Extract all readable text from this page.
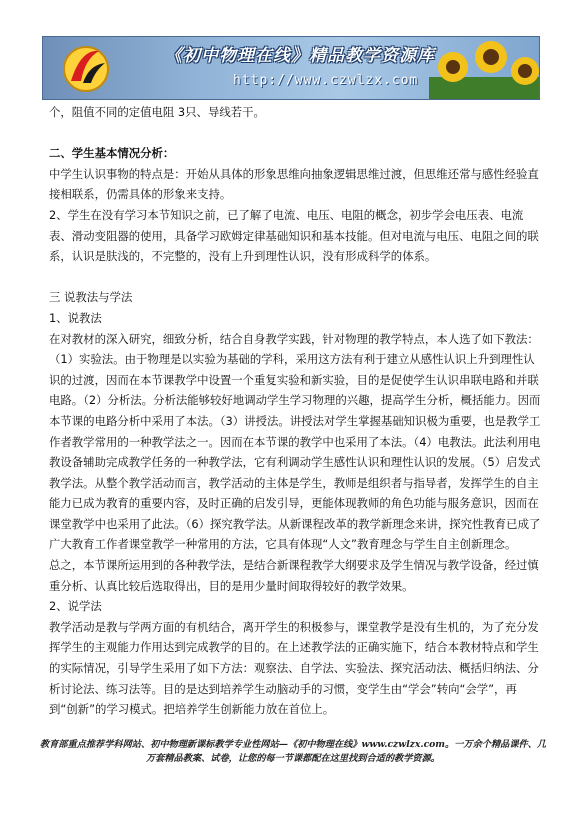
《初中物理在线》精品教学资源库
http://www.czwlzx.com

个，阻值不同的定值电阻 3只、导线若干。

二、学生基本情况分析：

中学生认识事物的特点是：开始从具体的形象思维向抽象逻辑思维过渡，但思维还常与感性经验直接相联系，仍需具体的形象来支持。

2、学生在没有学习本节知识之前，已了解了电流、电压、电阻的概念，初步学会电压表、电流表、滑动变阻器的使用，具备学习欧姆定律基础知识和基本技能。但对电流与电压、电阻之间的联系，认识是肤浅的，不完整的，没有上升到理性认识，没有形成科学的体系。

三 说教法与学法

1、说教法

在对教材的深入研究，细致分析，结合自身教学实践，针对物理的教学特点，本人选了如下教法：（1）实验法。由于物理是以实验为基础的学科，采用这方法有利于建立从感性认识上升到理性认识的过渡，因而在本节课教学中设置一个重复实验和新实验，目的是促使学生认识串联电路和并联电路。（2）分析法。分析法能够较好地调动学生学习物理的兴趣，提高学生分析，概括能力。因而本节课的电路分析中采用了本法。（3）讲授法。讲授法对学生掌握基础知识极为重要，也是教学工作者教学常用的一种教学法之一。因而在本节课的教学中也采用了本法。（4）电教法。此法利用电教设备辅助完成教学任务的一种教学法，它有利调动学生感性认识和理性认识的发展。（5）启发式教学法。从整个教学活动而言，教学活动的主体是学生，教师是组织者与指导者，发挥学生的自主能力已成为教育的重要内容，及时正确的启发引导，更能体现教师的角色功能与服务意识，因而在课堂教学中也采用了此法。（6）探究教学法。从新课程改革的教学新理念来讲，探究性教育已成了广大教育工作者课堂教学一种常用的方法，它具有体现“人文”教育理念与学生自主创新理念。

总之，本节课所运用到的各种教学法，是结合新课程教学大纲要求及学生情况与教学设备，经过慎重分析、认真比较后选取得出，目的是用少量时间取得较好的教学效果。

2、说学法

教学活动是教与学两方面的有机结合，离开学生的积极参与，课堂教学是没有生机的，为了充分发挥学生的主观能力作用达到完成教学的目的。在上述教学法的正确实施下，结合本教材特点和学生的实际情况，引导学生采用了如下方法：观察法、自学法、实验法、探究活动法、概括归纳法、分析讨论法、练习法等。目的是达到培养学生动脑动手的习惯，变学生由“学会”转向“会学”，再到“创新”的学习模式。把培养学生创新能力放在首位上。

教育部重点推荐学科网站、初中物理新课标教学专业性网站—《初中物理在线》www.czwlzx.com。一万余个精品课件、几万套精品教案、试卷，让您的每一节课都配在这里找到合适的教学资源。
